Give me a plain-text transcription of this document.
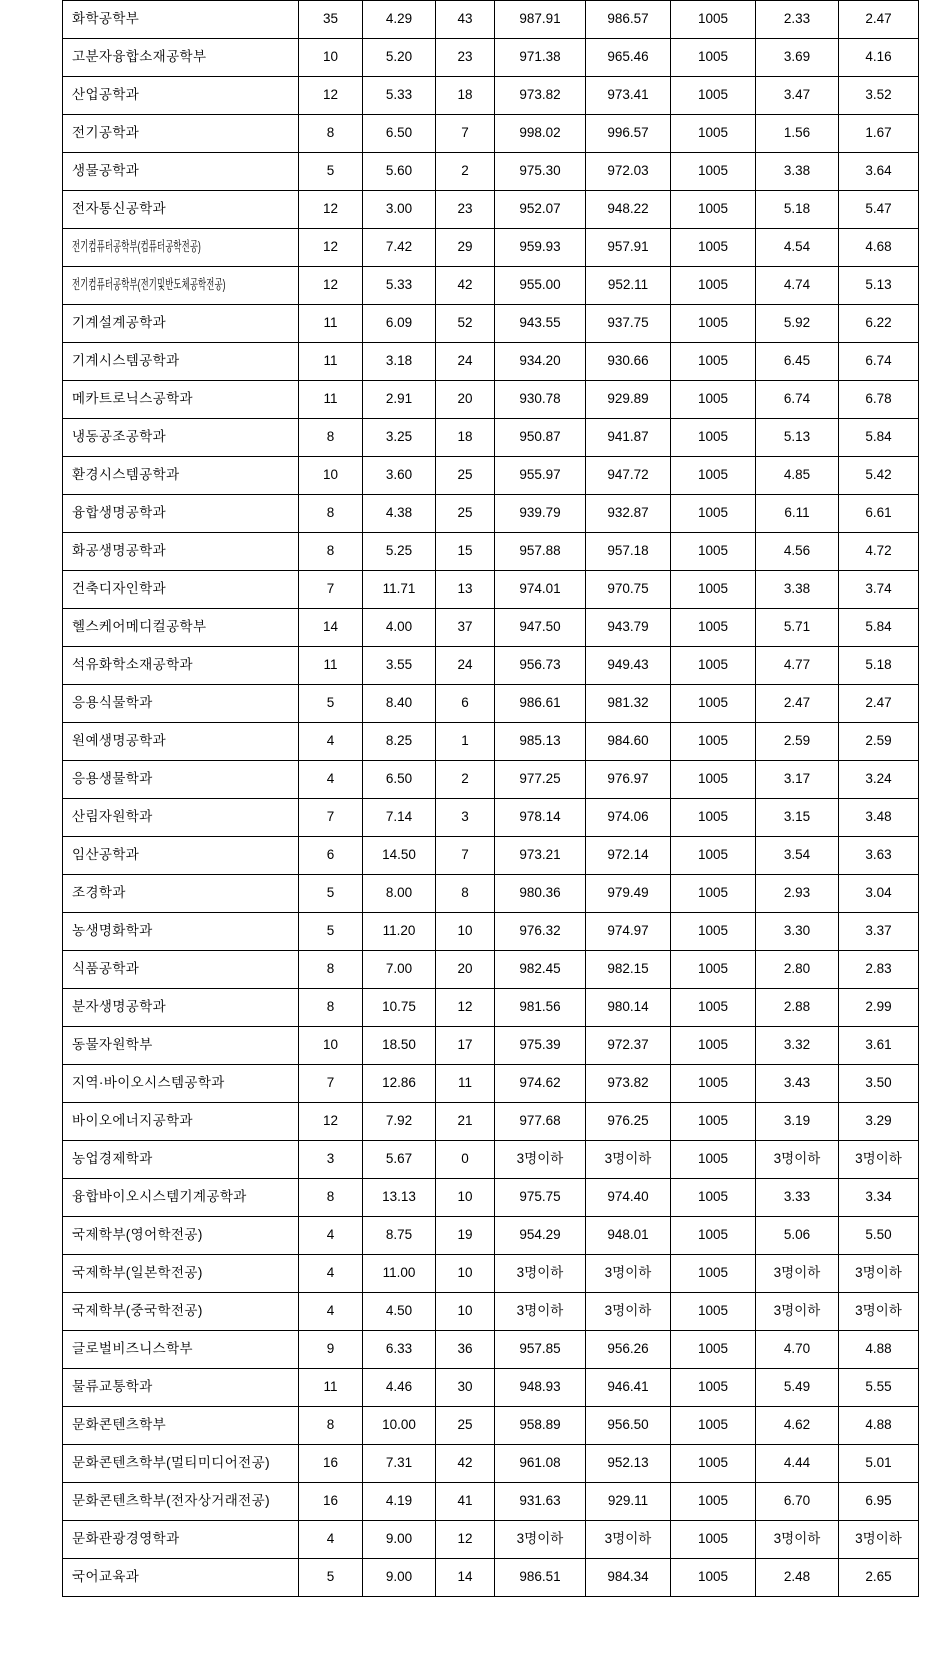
화학공학부	35	4.29	43	987.91	986.57	1005	2.33	2.47
고분자융합소재공학부	10	5.20	23	971.38	965.46	1005	3.69	4.16
산업공학과	12	5.33	18	973.82	973.41	1005	3.47	3.52
전기공학과	8	6.50	7	998.02	996.57	1005	1.56	1.67
생물공학과	5	5.60	2	975.30	972.03	1005	3.38	3.64
전자통신공학과	12	3.00	23	952.07	948.22	1005	5.18	5.47
전기컴퓨터공학부(컴퓨터공학전공)	12	7.42	29	959.93	957.91	1005	4.54	4.68
전기컴퓨터공학부(전기및반도체공학전공)	12	5.33	42	955.00	952.11	1005	4.74	5.13
기계설계공학과	11	6.09	52	943.55	937.75	1005	5.92	6.22
기계시스템공학과	11	3.18	24	934.20	930.66	1005	6.45	6.74
메카트로닉스공학과	11	2.91	20	930.78	929.89	1005	6.74	6.78
냉동공조공학과	8	3.25	18	950.87	941.87	1005	5.13	5.84
환경시스템공학과	10	3.60	25	955.97	947.72	1005	4.85	5.42
융합생명공학과	8	4.38	25	939.79	932.87	1005	6.11	6.61
화공생명공학과	8	5.25	15	957.88	957.18	1005	4.56	4.72
건축디자인학과	7	11.71	13	974.01	970.75	1005	3.38	3.74
헬스케어메디컬공학부	14	4.00	37	947.50	943.79	1005	5.71	5.84
석유화학소재공학과	11	3.55	24	956.73	949.43	1005	4.77	5.18
응용식물학과	5	8.40	6	986.61	981.32	1005	2.47	2.47
원예생명공학과	4	8.25	1	985.13	984.60	1005	2.59	2.59
응용생물학과	4	6.50	2	977.25	976.97	1005	3.17	3.24
산림자원학과	7	7.14	3	978.14	974.06	1005	3.15	3.48
임산공학과	6	14.50	7	973.21	972.14	1005	3.54	3.63
조경학과	5	8.00	8	980.36	979.49	1005	2.93	3.04
농생명화학과	5	11.20	10	976.32	974.97	1005	3.30	3.37
식품공학과	8	7.00	20	982.45	982.15	1005	2.80	2.83
분자생명공학과	8	10.75	12	981.56	980.14	1005	2.88	2.99
동물자원학부	10	18.50	17	975.39	972.37	1005	3.32	3.61
지역·바이오시스템공학과	7	12.86	11	974.62	973.82	1005	3.43	3.50
바이오에너지공학과	12	7.92	21	977.68	976.25	1005	3.19	3.29
농업경제학과	3	5.67	0	3명이하	3명이하	1005	3명이하	3명이하
융합바이오시스템기계공학과	8	13.13	10	975.75	974.40	1005	3.33	3.34
국제학부(영어학전공)	4	8.75	19	954.29	948.01	1005	5.06	5.50
국제학부(일본학전공)	4	11.00	10	3명이하	3명이하	1005	3명이하	3명이하
국제학부(중국학전공)	4	4.50	10	3명이하	3명이하	1005	3명이하	3명이하
글로벌비즈니스학부	9	6.33	36	957.85	956.26	1005	4.70	4.88
물류교통학과	11	4.46	30	948.93	946.41	1005	5.49	5.55
문화콘텐츠학부	8	10.00	25	958.89	956.50	1005	4.62	4.88
문화콘텐츠학부(멀티미디어전공)	16	7.31	42	961.08	952.13	1005	4.44	5.01
문화콘텐츠학부(전자상거래전공)	16	4.19	41	931.63	929.11	1005	6.70	6.95
문화관광경영학과	4	9.00	12	3명이하	3명이하	1005	3명이하	3명이하
국어교육과	5	9.00	14	986.51	984.34	1005	2.48	2.65
